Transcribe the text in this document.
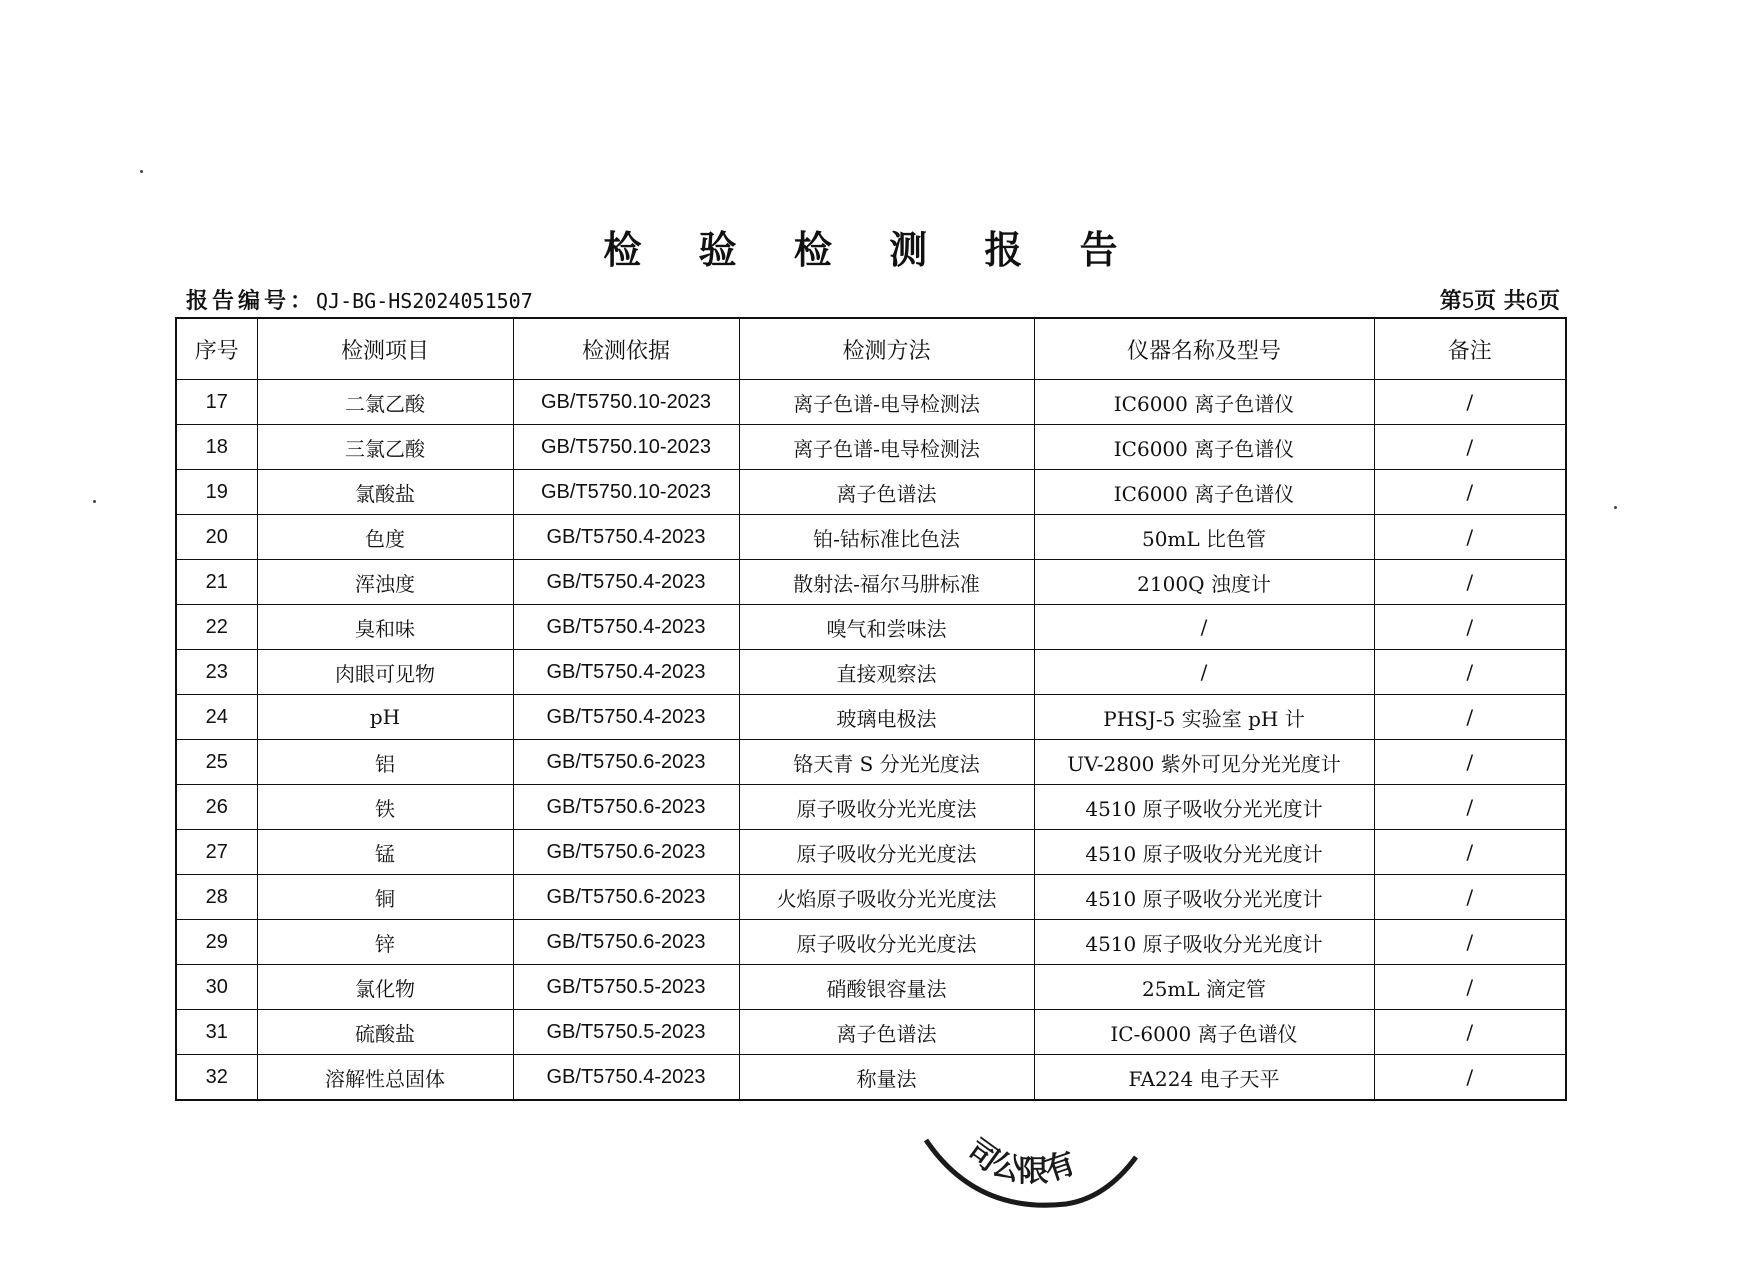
检 验 检 测 报 告
报告编号：QJ-BG-HS2024051507	第5页 共6页
序号	检测项目	检测依据	检测方法	仪器名称及型号	备注
17	二氯乙酸	GB/T5750.10-2023	离子色谱-电导检测法	IC6000 离子色谱仪	/
18	三氯乙酸	GB/T5750.10-2023	离子色谱-电导检测法	IC6000 离子色谱仪	/
19	氯酸盐	GB/T5750.10-2023	离子色谱法	IC6000 离子色谱仪	/
20	色度	GB/T5750.4-2023	铂-钴标准比色法	50mL 比色管	/
21	浑浊度	GB/T5750.4-2023	散射法-福尔马肼标准	2100Q 浊度计	/
22	臭和味	GB/T5750.4-2023	嗅气和尝味法	/	/
23	肉眼可见物	GB/T5750.4-2023	直接观察法	/	/
24	pH	GB/T5750.4-2023	玻璃电极法	PHSJ-5 实验室 pH 计	/
25	铝	GB/T5750.6-2023	铬天青 S 分光光度法	UV-2800 紫外可见分光光度计	/
26	铁	GB/T5750.6-2023	原子吸收分光光度法	4510 原子吸收分光光度计	/
27	锰	GB/T5750.6-2023	原子吸收分光光度法	4510 原子吸收分光光度计	/
28	铜	GB/T5750.6-2023	火焰原子吸收分光光度法	4510 原子吸收分光光度计	/
29	锌	GB/T5750.6-2023	原子吸收分光光度法	4510 原子吸收分光光度计	/
30	氯化物	GB/T5750.5-2023	硝酸银容量法	25mL 滴定管	/
31	硫酸盐	GB/T5750.5-2023	离子色谱法	IC-6000 离子色谱仪	/
32	溶解性总固体	GB/T5750.4-2023	称量法	FA224 电子天平	/
司公限有
